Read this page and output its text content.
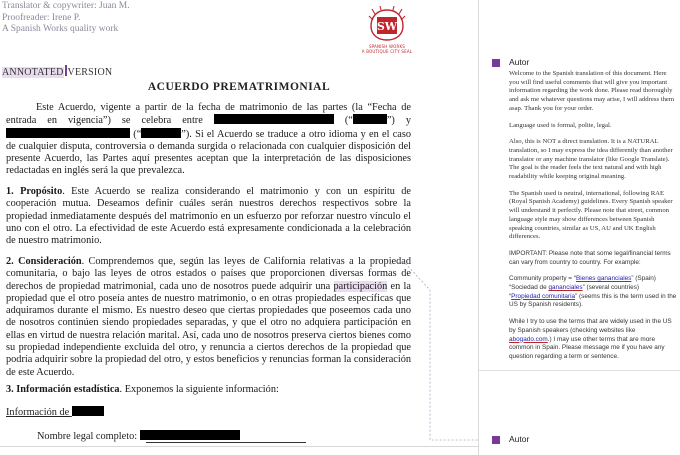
Translator & copywriter: Juan M.
Proofreader: Irene P.
A Spanish Works quality work	SW
SPANISH WORKS
A BOUTIQUE CITY SEAL
ANNOTATED VERSION
ACUERDO PREMATRIMONIAL
Este Acuerdo, vigente a partir de la fecha de matrimonio de las partes (la “Fecha de entrada en vigencia”) se celebra entre	(“	”) y  (“	”). Si el Acuerdo se traduce a otro idioma y en el caso de cualquier disputa, controversia o demanda surgida o relacionada con cualquier disposición del presente Acuerdo, las Partes aquí presentes aceptan que la interpretación de las disposiciones redactadas en inglés será la que prevalezca.
1. Propósito. Este Acuerdo se realiza considerando el matrimonio y con un espíritu de cooperación mutua. Deseamos definir cuáles serán nuestros derechos respectivos sobre la propiedad inmediatamente después del matrimonio en un esfuerzo por reforzar nuestro vínculo el uno con el otro. La efectividad de este Acuerdo está expresamente condicionada a la celebración de nuestro matrimonio.
2. Consideración. Comprendemos que, según las leyes de California relativas a la propiedad comunitaria, o bajo las leyes de otros estados o países que proporcionen diversas formas de derechos de propiedad matrimonial, cada uno de nosotros puede adquirir una participación en la propiedad que el otro poseía antes de nuestro matrimonio, o en otras propiedades específicas que adquiramos durante el mismo. Es nuestro deseo que ciertas propiedades que poseemos cada uno de nosotros continúen siendo propiedades separadas, y que el otro no adquiera participación en ellas en virtud de nuestra relación marital. Así, cada uno de nosotros preserva ciertos bienes como su propiedad independiente excluida del otro, y renuncia a ciertos derechos de la propiedad que podría adquirir sobre la propiedad del otro, y estos beneficios y renuncias forman la consideración de este Acuerdo.
3. Información estadística. Exponemos la siguiente información:
Información de
Nombre legal completo:
Autor

Welcome to the Spanish translation of this document. Here you will find useful comments that will give you important information regarding the work done. Please read thoroughly and ask me whatever questions may arise, I will address them asap. Thank you for your order.

Language used is formal, polite, legal.

Also, this is NOT a direct translation. It is a NATURAL translation, so I may express the idea differently than another translator or any machine translator (like Google Translate). The goal is the reader feels the text natural and with high readability while keeping original meaning.

The Spanish used is neutral, international, following RAE (Royal Spanish Academy) guidelines. Every Spanish speaker will understand it perfectly. Please note that street, common language style may show differences between Spanish speaking countries, similar as US, AU and UK English differences.

IMPORTANT: Please note that some legal/financial terms can vary from country to country. For example:

Community property = “Bienes gananciales” (Spain)

“Sociedad de gananciales” (several countries)

“Propiedad comunitaria” (seems this is the term used in the US by Spanish residents).

While I try to use the terms that are widely used in the US by Spanish speakers (checking websites like abogado.com.) I may use other terms that are more common in Spain. Please message me if you have any question regarding a term or sentence.

Autor
